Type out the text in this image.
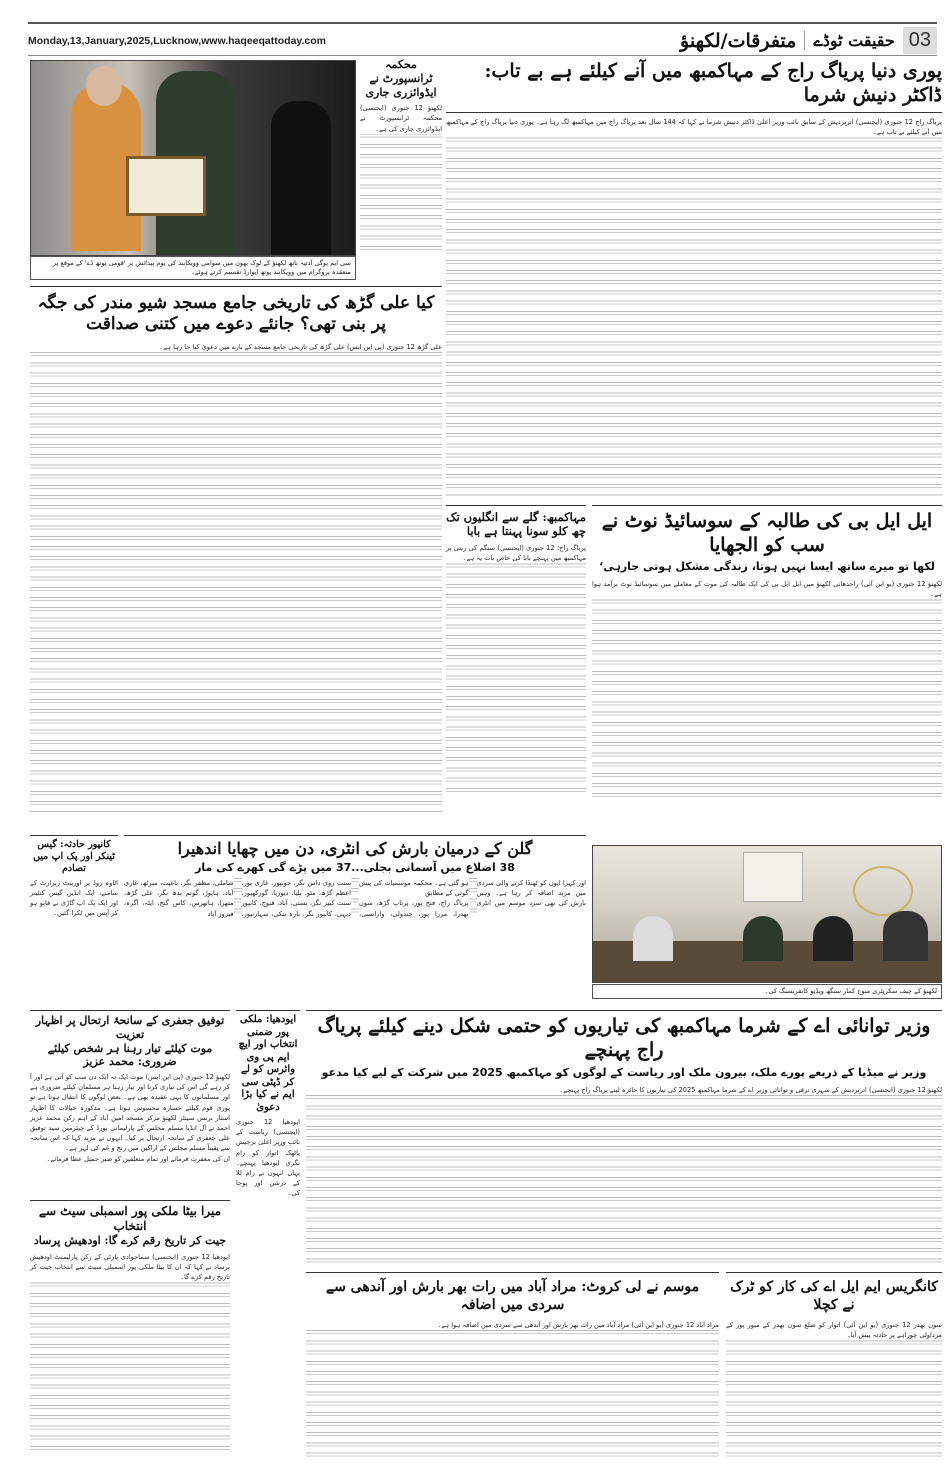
Monday,13,January,2025,Lucknow,www.haqeeqattoday.com	متفرقات/لکھنؤ	حقیقت ٹوڈے 03
سی ایم یوگی آدتیہ ناتھ لکھنؤ کے لوک بھون میں سوامی وویکانند کی یوم پیدائش پر 'قومی یوتھ ڈے' کے موقع پر منعقدہ پروگرام میں وویکانند یوتھ ایوارڈ تقسیم کرتے ہوئے۔
محکمہ ٹرانسپورٹ نے ایڈوائزری جاری

لکھنؤ 12 جنوری (ایجنسی) محکمہ ٹرانسپورٹ نے ایڈوائزری جاری کی ہے۔

پوری دنیا پریاگ راج کے مہاکمبھ میں آنے کیلئے ہے بے تاب: ڈاکٹر دنیش شرما

پریاگ راج 12 جنوری (ایجنسی) اترپردیش کے سابق نائب وزیر اعلیٰ ڈاکٹر دنیش شرما نے کہا کہ 144 سال بعد پریاگ راج میں مہاکمبھ لگ رہا ہے۔ پوری دنیا پریاگ راج کے مہاکمبھ میں آنے کیلئے بے تاب ہے۔

کیا علی گڑھ کی تاریخی جامع مسجد شیو مندر کی جگہ پر بنی تھی؟ جانئے دعوے میں کتنی صداقت

علی گڑھ 12 جنوری (پی این ایس) علی گڑھ کی تاریخی جامع مسجد کے بارے میں دعویٰ کیا جا رہا ہے۔

مہاکمبھ: گلے سے انگلیوں تک چھ کلو سونا پہنتا ہے بابا

پریاگ راج: 12 جنوری (ایجنسی) سنگم کی ریتی پر مہاکمبھ میں پہنچے بابا کی خاص بات یہ ہے۔

ایل ایل بی کی طالبہ کے سوسائیڈ نوٹ نے سب کو الجھایا
لکھا تو میرے ساتھ ایسا نہیں ہوتا، زندگی مشکل ہوتی جارہی‘

لکھنؤ 12 جنوری (یو این آئی) راجدھانی لکھنؤ میں ایل ایل بی کی ایک طالبہ کی موت کے معاملے میں سوسائیڈ نوٹ برآمد ہوا ہے۔

لکھنؤ کے چیف سکریٹری منوج کمار سنگھ ویڈیو کانفرنسنگ کی۔
کانپور حادثہ: گیس ٹینکر اور پک اپ میں تصادم

اٹاوہ روڈ پر اورینٹ ریزارٹ کے سامنے، ایک انڈین گیس کنٹینر اور ایک پک اپ گاڑی بے قابو ہو کر آپس میں ٹکرا گئیں۔

گلن کے درمیان بارش کی انٹری، دن میں چھایا اندھیرا
38 اضلاع میں آسمانی بجلی...37 میں پڑے گی کھرے کی مار

اور کہرا ایوں کو ٹھنڈا کرتے والی سردی میں مزید اضافہ کر رہا ہے۔ وہیں بارش کی بھی سرد موسم میں انٹری ہو گئی ہے۔ محکمہ موسمیات کی پیش گوئی کے مطابق

پریاگ راج، فتح پور، پرتاپ گڑھ، سون بھدرا، مرزا پور، چندولی، وارانسی، سنت روی داس نگر، جونپور، غازی پور، اعظم گڑھ، مئو، بلیا، دیوریا، گورکھپور، سنت کبیر نگر، بستی، آباد، قنوج، کانپور دیہی، کانپور نگر، بارہ بنکی، سہارنپور، شاملی، مظفر نگر، باغپت، میرٹھ، غازی آباد، ہاپوڑ، گوتم بدھ نگر، علی گڑھ، متھرا، ہاتھرس، کاس گنج، ایٹہ، آگرہ، فیروز آباد

توفیق جعفری کے سانحۂ ارتحال پر اظہار تعزیت
موت کیلئے تیار رہنا ہر شخص کیلئے ضروری: محمد عزیز

لکھنؤ 12 جنوری (پی این ایس) موت ایک نہ ایک دن سب کو آتی ہے اور آ کر رہے گی اس کی تیاری کرنا اور تیار رہنا ہر مسلمان کیلئے ضروری ہے اور مسلمانوں کا یہی عقیدہ بھی ہے۔ بعض لوگوں کا انتقال ہوتا ہے تو پوری قوم کیلئے خسارہ محسوس ہوتا ہے۔ مذکورہ خیالات کا اظہار استار برنس سینٹر لکھنؤ مرکز مسجد امین آباد کے اہم رکن محمد عزیز احمد نے آل انڈیا مسلم مجلس کے پارلیمانی بورڈ کے چیئرمین سید توفیق علی جعفری کے سانحہ ارتحال پر کیا۔ انہوں نے مزید کہا کہ اس سانحہ سے یقیناً مسلم مجلس کے اراکین میں رنج و غم کی لہر ہے۔

ان کی مغفرت فرمائے اور تمام متعلقین کو صبر جمیل عطا فرمائے۔

میرا بیٹا ملکی پور اسمبلی سیٹ سے انتخاب
جیت کر تاریخ رقم کرے گا: اودھیش پرساد

ایودھیا 12 جنوری (ایجنسی) سماجوادی پارٹی کے رکن پارلیمنٹ اودھیش پرساد نے کہا کہ ان کا بیٹا ملکی پور اسمبلی سیٹ سے انتخاب جیت کر تاریخ رقم کرے گا۔

ایودھیا: ملکی پور ضمنی انتخاب اور ایچ ایم پی وی وائرس کو لے کر ڈپٹی سی ایم نے کیا بڑا دعویٰ

ایودھیا 12 جنوری (ایجنسی) ریاست کے نائب وزیر اعلیٰ برجیش پاٹھک اتوار کو رام نگری ایودھیا پہنچے۔ یہاں انہوں نے رام للا کے درشن اور پوجا کی۔

وزیر توانائی اے کے شرما مہاکمبھ کی تیاریوں کو حتمی شکل دینے کیلئے پریاگ راج پہنچے
وزیر نے میڈیا کے ذریعے پورے ملک، بیرون ملک اور ریاست کے لوگوں کو مہاکمبھ 2025 میں شرکت کے لیے کیا مدعو

لکھنؤ 12 جنوری (ایجنسی) اترپردیش کے شہری ترقی و توانائی وزیر اے کے شرما مہاکمبھ 2025 کی تیاریوں کا جائزہ لینے پریاگ راج پہنچے۔

موسم نے لی کروٹ: مراد آباد میں رات بھر بارش اور آندھی سے سردی میں اضافہ

مراد آباد 12 جنوری (یو این آئی) مراد آباد میں رات بھر بارش اور آندھی سے سردی میں اضافہ ہوا ہے۔

کانگریس ایم ایل اے کی کار کو ٹرک نے کچلا

سون بھدر 12 جنوری (یو این آئی) اتوار کو ضلع سون بھدر کے میور پور کے مرداولی چوراہے پر حادثہ پیش آیا۔
